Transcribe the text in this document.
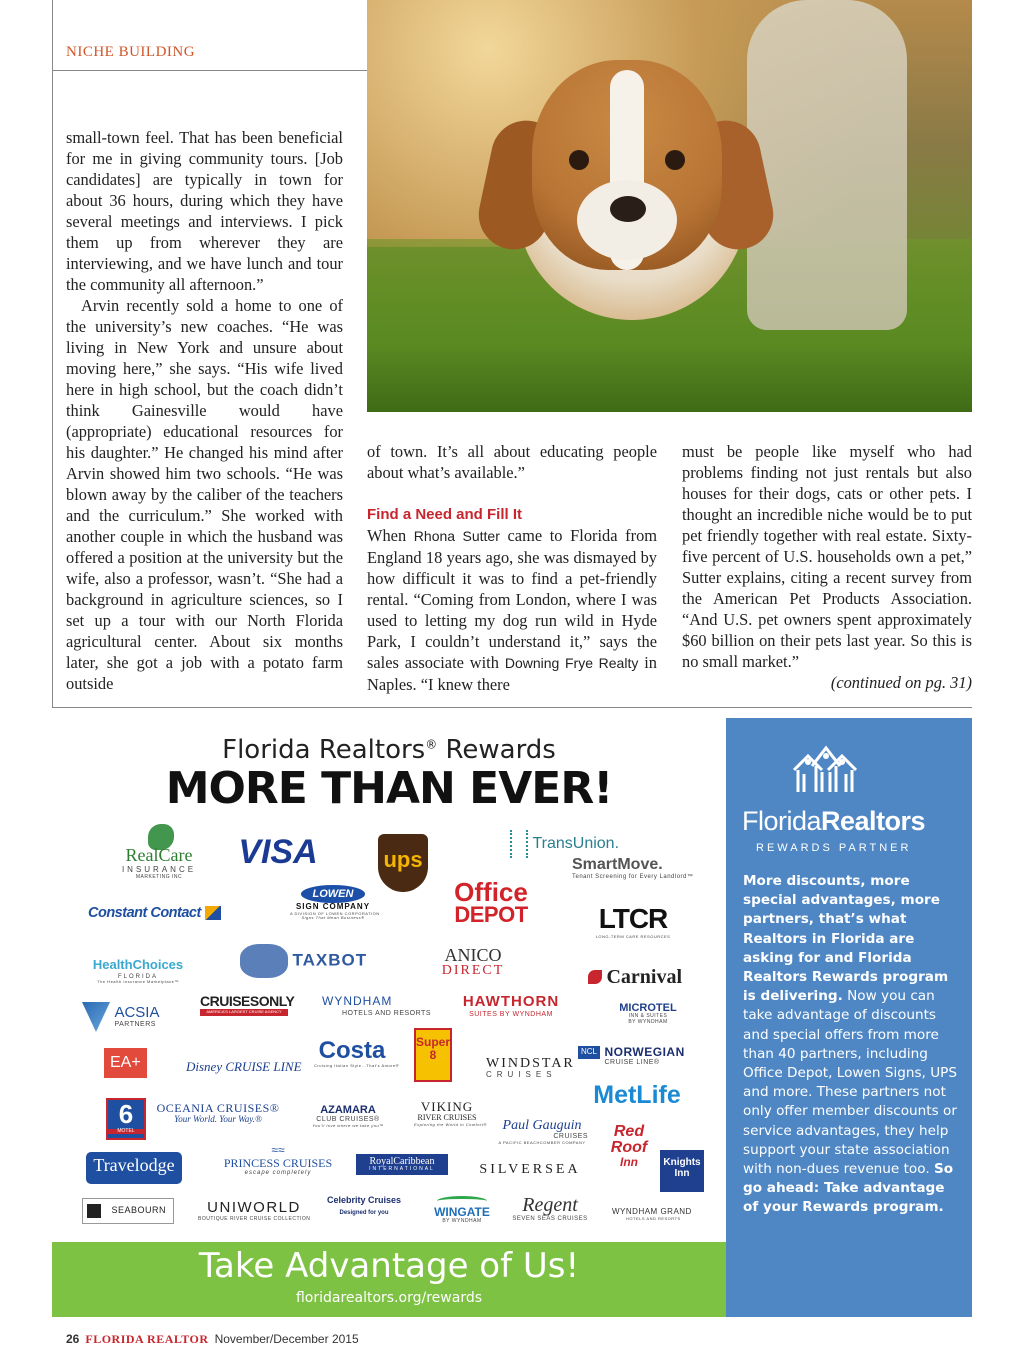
NICHE BUILDING

small-town feel. That has been beneficial for me in giving community tours. [Job candidates] are typically in town for about 36 hours, during which they have several meetings and interviews. I pick them up from wherever they are interviewing, and we have lunch and tour the community all afternoon.”

Arvin recently sold a home to one of the university’s new coaches. “He was living in New York and unsure about moving here,” she says. “His wife lived here in high school, but the coach didn’t think Gainesville would have (appropriate) educational resources for his daughter.” He changed his mind after Arvin showed him two schools. “He was blown away by the caliber of the teachers and the curriculum.” She worked with another couple in which the husband was offered a position at the university but the wife, also a professor, wasn’t. “She had a background in agriculture sciences, so I set up a tour with our North Florida agricultural center. About six months later, she got a job with a potato farm outside

of town. It’s all about educating people about what’s available.”

Find a Need and Fill It

When Rhona Sutter came to Florida from England 18 years ago, she was dismayed by how difficult it was to find a pet-friendly rental. “Coming from London, where I was used to letting my dog run wild in Hyde Park, I couldn’t understand it,” says the sales associate with Downing Frye Realty in Naples. “I knew there

must be people like myself who had problems finding not just rentals but also houses for their dogs, cats or other pets. I thought an incredible niche would be to put pet friendly together with real estate. Sixty-five percent of U.S. households own a pet,” Sutter explains, citing a recent survey from the American Pet Products Association. “And U.S. pet owners spent approximately $60 billion on their pets last year. So this is no small market.”

(continued on pg. 31)

Florida Realtors® Rewards
MORE THAN EVER!
RealCare
INSURANCE
MARKETING INC
VISA	ups
TransUnion.
SmartMove.
Tenant Screening for Every Landlord™
Constant Contact
LOWEN
SIGN COMPANY
A DIVISION OF LOWEN CORPORATION
Signs That Mean Business®
Office
DEPOT	LTCR
LONG-TERM CARE RESOURCES
HealthChoices
FLORIDA
The Health Insurance Marketplace™
TAXBOT	ANICO
DIRECT	Carnival

ACSIA
PARTNERS
CRUISESONLY
AMERICA'S LARGEST CRUISE AGENCY
WYNDHAM
HOTELS AND RESORTS
HAWTHORN
SUITES BY WYNDHAM	MICROTEL
INN & SUITES
BY WYNDHAM
EA+	Disney CRUISE LINE
Costa
Cruising Italian Style...That's Amore®
Super 8
WINDSTAR
CRUISES
NCL NORWEGIAN
CRUISE LINE®
6
MOTEL
OCEANIA CRUISES®
Your World. Your Way.®
AZAMARA
CLUB CRUISES®
You'll love where we take you™
VIKING
RIVER CRUISES
Exploring the World in Comfort®	Paul Gauguin
CRUISES
A PACIFIC BEACHCOMBER COMPANY
MetLife
Travelodge
≈≈
PRINCESS CRUISES
escape completely
RoyalCaribbean
INTERNATIONAL	SILVERSEA
Red
Roof
Inn	Knights
Inn
SEABOURN	UNIWORLD
BOUTIQUE RIVER CRUISE COLLECTION
Celebrity Cruises
Designed for you	WINGATE
BY WYNDHAM
Regent
SEVEN SEAS CRUISES
WYNDHAM GRAND
HOTELS AND RESORTS
Take Advantage of Us!
floridarealtors.org/rewards
FloridaRealtors
REWARDS PARTNER
More discounts, more special advantages, more partners, that’s what Realtors in Florida are asking for and Florida Realtors Rewards program is delivering. Now you can take advantage of discounts and special offers from more than 40 partners, including Office Depot, Lowen Signs, UPS and more. These partners not only offer member discounts or service advantages, they help support your state association with non-dues revenue too. So go ahead: Take advantage of your Rewards program.
26 FLORIDA REALTOR November/December 2015
